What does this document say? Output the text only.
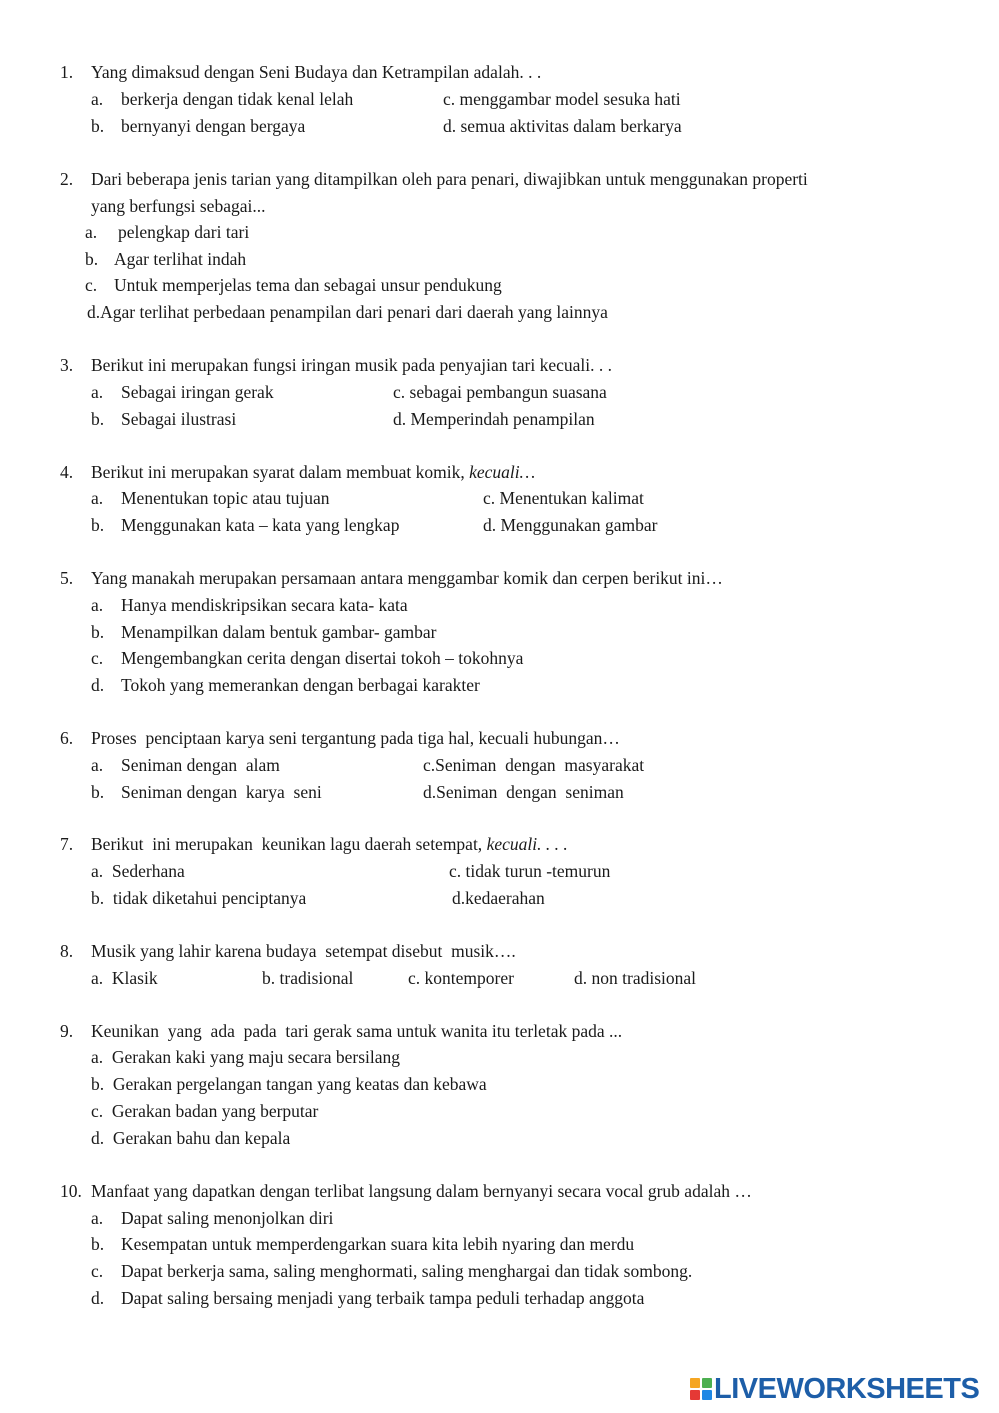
1. Yang dimaksud dengan Seni Budaya dan Ketrampilan adalah. . .
a. berkerja dengan tidak kenal lelah	c. menggambar model sesuka hati
b. bernyanyi dengan bergaya	d. semua aktivitas dalam berkarya
2. Dari beberapa jenis tarian yang ditampilkan oleh para penari, diwajibkan untuk menggunakan properti
yang berfungsi sebagai...
a. pelengkap dari tari
b. Agar terlihat indah
c. Untuk memperjelas tema dan sebagai unsur pendukung
d.Agar terlihat perbedaan penampilan dari penari dari daerah yang lainnya
3. Berikut ini merupakan fungsi iringan musik pada penyajian tari kecuali. . .
a. Sebagai iringan gerak	c. sebagai pembangun suasana
b. Sebagai ilustrasi	d. Memperindah penampilan
4. Berikut ini merupakan syarat dalam membuat komik, kecuali…
a. Menentukan topic atau tujuan	c. Menentukan kalimat
b. Menggunakan kata – kata yang lengkap	d. Menggunakan gambar
5. Yang manakah merupakan persamaan antara menggambar komik dan cerpen berikut ini…
a. Hanya mendiskripsikan secara kata- kata
b. Menampilkan dalam bentuk gambar- gambar
c. Mengembangkan cerita dengan disertai tokoh – tokohnya
d. Tokoh yang memerankan dengan berbagai karakter
6. Proses  penciptaan karya seni tergantung pada tiga hal, kecuali hubungan…
a. Seniman dengan  alam	c.Seniman  dengan  masyarakat
b. Seniman dengan  karya  seni	d.Seniman  dengan  seniman
7. Berikut  ini merupakan  keunikan lagu daerah setempat, kecuali. . . .
a.  Sederhana	c. tidak turun -temurun
b.  tidak diketahui penciptanya	d.kedaerahan
8. Musik yang lahir karena budaya  setempat disebut  musik….
a.  Klasik	b. tradisional	c. kontemporer	d. non tradisional
9. Keunikan  yang  ada  pada  tari gerak sama untuk wanita itu terletak pada ...
a.  Gerakan kaki yang maju secara bersilang
b.  Gerakan pergelangan tangan yang keatas dan kebawa
c.  Gerakan badan yang berputar
d.  Gerakan bahu dan kepala
10. Manfaat yang dapatkan dengan terlibat langsung dalam bernyanyi secara vocal grub adalah …
a. Dapat saling menonjolkan diri
b. Kesempatan untuk memperdengarkan suara kita lebih nyaring dan merdu
c. Dapat berkerja sama, saling menghormati, saling menghargai dan tidak sombong.
d. Dapat saling bersaing menjadi yang terbaik tampa peduli terhadap anggota
LIVEWORKSHEETS
